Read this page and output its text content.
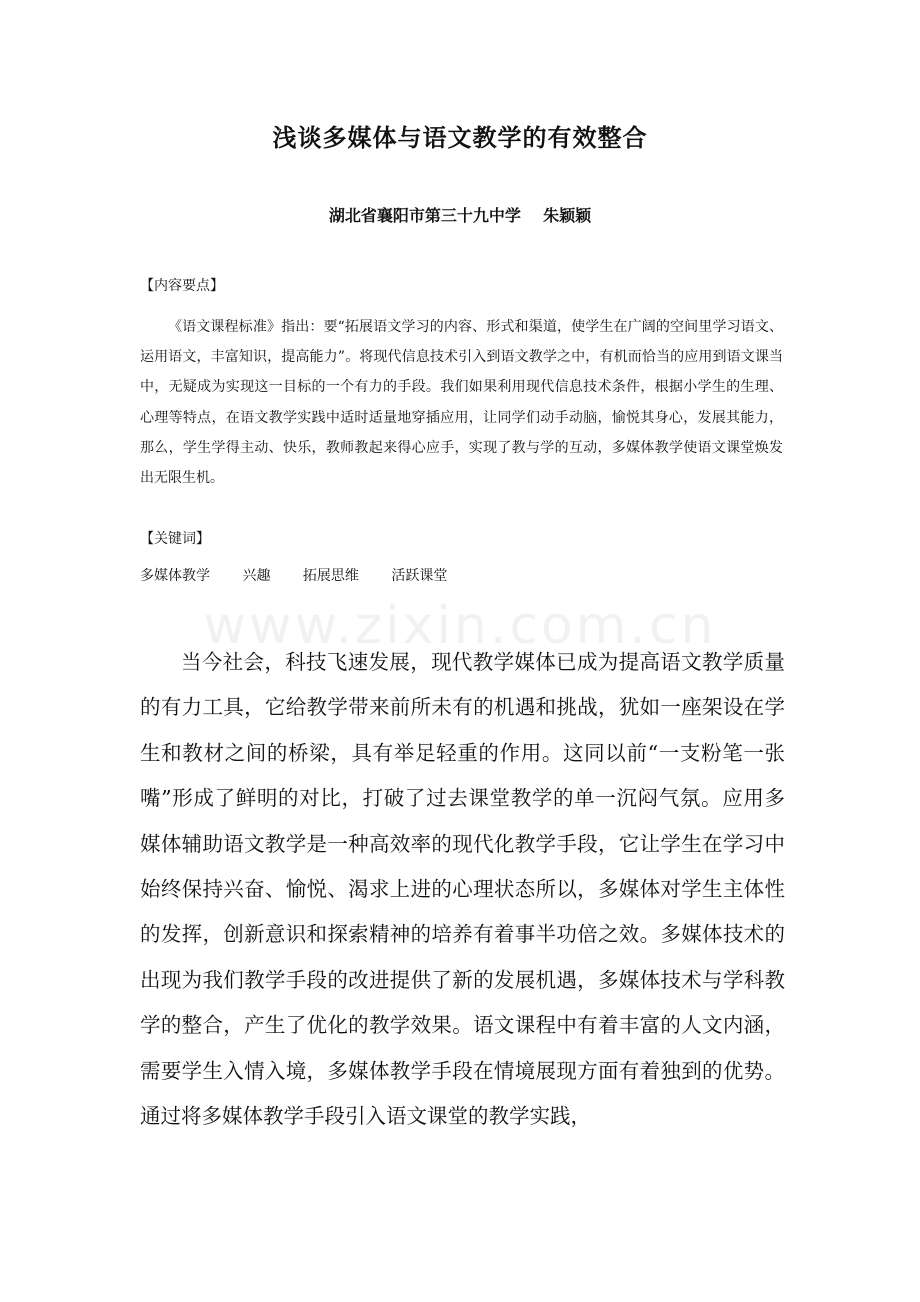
www.zixin.com.cn
浅谈多媒体与语文教学的有效整合
湖北省襄阳市第三十九中学    朱颖颖
【内容要点】

《语文课程标准》指出：要“拓展语文学习的内容、形式和渠道，使学生在广阔的空间里学习语文、运用语文，丰富知识，提高能力”。将现代信息技术引入到语文教学之中，有机而恰当的应用到语文课当中，无疑成为实现这一目标的一个有力的手段。我们如果利用现代信息技术条件，根据小学生的生理、心理等特点，在语文教学实践中适时适量地穿插应用，让同学们动手动脑，愉悦其身心，发展其能力，那么，学生学得主动、快乐，教师教起来得心应手，实现了教与学的互动，多媒体教学使语文课堂焕发出无限生机。

【关键词】
多媒体教学 兴趣 拓展思维 活跃课堂

当今社会，科技飞速发展，现代教学媒体已成为提高语文教学质量的有力工具，它给教学带来前所未有的机遇和挑战，犹如一座架设在学生和教材之间的桥梁，具有举足轻重的作用。这同以前“一支粉笔一张嘴”形成了鲜明的对比，打破了过去课堂教学的单一沉闷气氛。应用多媒体辅助语文教学是一种高效率的现代化教学手段，它让学生在学习中始终保持兴奋、愉悦、渴求上进的心理状态所以，多媒体对学生主体性的发挥，创新意识和探索精神的培养有着事半功倍之效。多媒体技术的出现为我们教学手段的改进提供了新的发展机遇，多媒体技术与学科教学的整合，产生了优化的教学效果。语文课程中有着丰富的人文内涵，需要学生入情入境，多媒体教学手段在情境展现方面有着独到的优势。通过将多媒体教学手段引入语文课堂的教学实践，
